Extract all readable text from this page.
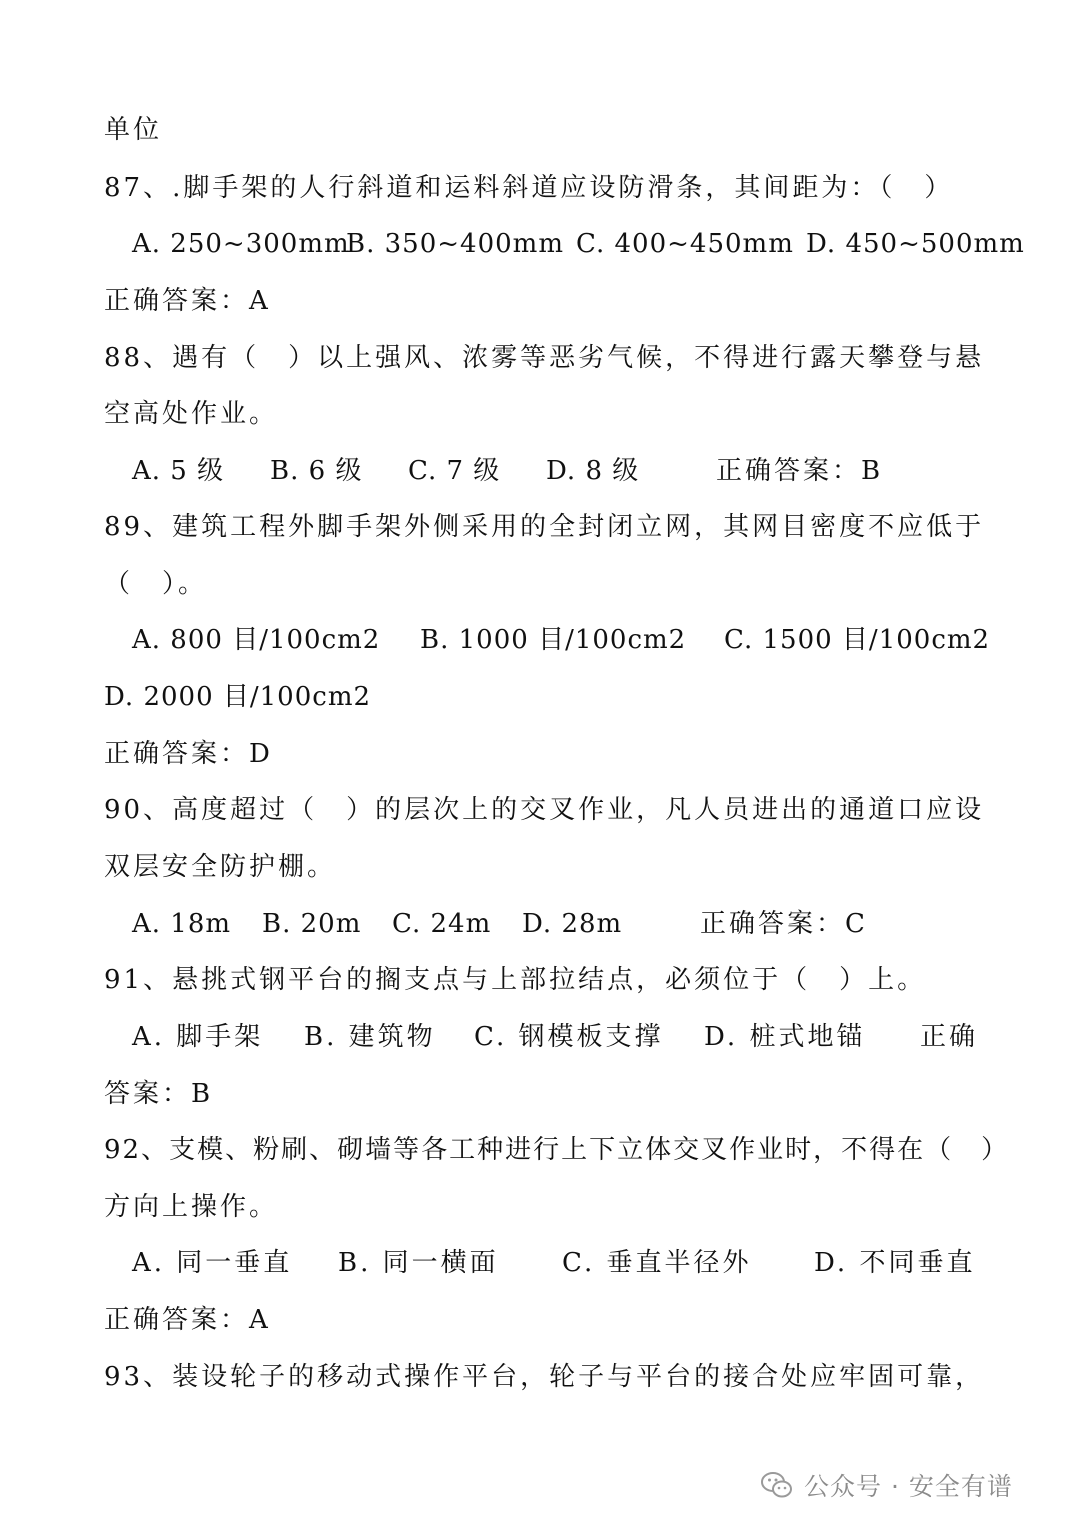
单位
87、.脚手架的人行斜道和运料斜道应设防滑条，其间距为：（　）
A. 250~300mm
B. 350~400mm C. 400~450mm D. 450~500mm
正确答案：A
88、遇有（　）以上强风、浓雾等恶劣气候，不得进行露天攀登与悬
空高处作业。
A. 5 级 B. 6 级 C. 7 级 D. 8 级	正确答案：B
89、建筑工程外脚手架外侧采用的全封闭立网，其网目密度不应低于
（　）。
A. 800 目/100cm2 B. 1000 目/100cm2 C. 1500 目/100cm2
D. 2000 目/100cm2
正确答案：D
90、高度超过（　）的层次上的交叉作业，凡人员进出的通道口应设
双层安全防护棚。
A. 18m B. 20m C. 24m D. 28m	正确答案：C
91、悬挑式钢平台的搁支点与上部拉结点，必须位于（　）上。
A. 脚手架 B. 建筑物 C. 钢模板支撑 D. 桩式地锚 正确
答案：B
92、支模、粉刷、砌墙等各工种进行上下立体交叉作业时，不得在（　）
方向上操作。
A. 同一垂直 B. 同一横面 C. 垂直半径外 D. 不同垂直
正确答案：A
93、装设轮子的移动式操作平台，轮子与平台的接合处应牢固可靠，
公众号 · 安全有谱
